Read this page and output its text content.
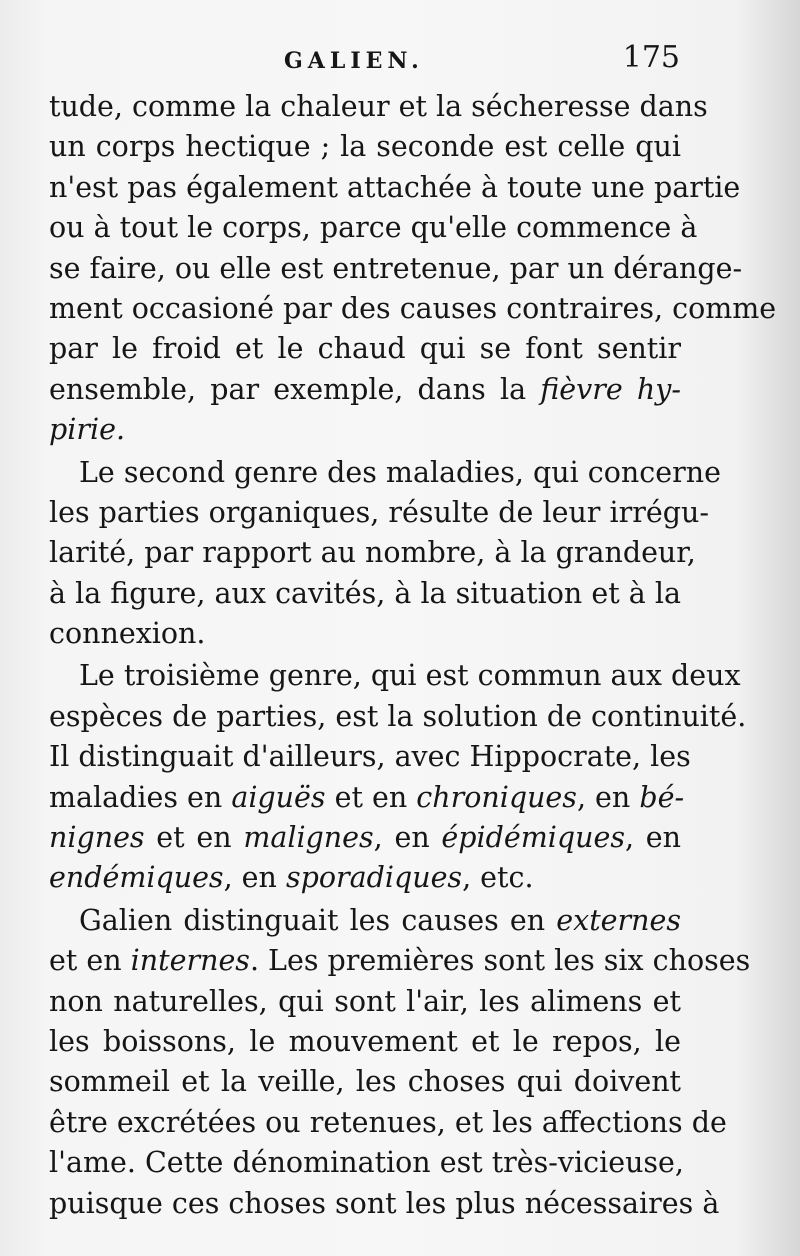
GALIEN.	175
tude, comme la chaleur et la sécheresse dans
un corps hectique ; la seconde est celle qui
n'est pas également attachée à toute une partie
ou à tout le corps, parce qu'elle commence à
se faire, ou elle est entretenue, par un dérange-
ment occasioné par des causes contraires, comme
par le froid et le chaud qui se font sentir
ensemble, par exemple, dans la fièvre hy-
pirie.
Le second genre des maladies, qui concerne
les parties organiques, résulte de leur irrégu-
larité, par rapport au nombre, à la grandeur,
à la figure, aux cavités, à la situation et à la
connexion.
Le troisième genre, qui est commun aux deux
espèces de parties, est la solution de continuité.
Il distinguait d'ailleurs, avec Hippocrate, les
maladies en aiguës et en chroniques, en bé-
nignes et en malignes, en épidémiques, en
endémiques, en sporadiques, etc.
Galien distinguait les causes en externes
et en internes. Les premières sont les six choses
non naturelles, qui sont l'air, les alimens et
les boissons, le mouvement et le repos, le
sommeil et la veille, les choses qui doivent
être excrétées ou retenues, et les affections de
l'ame. Cette dénomination est très-vicieuse,
puisque ces choses sont les plus nécessaires à
